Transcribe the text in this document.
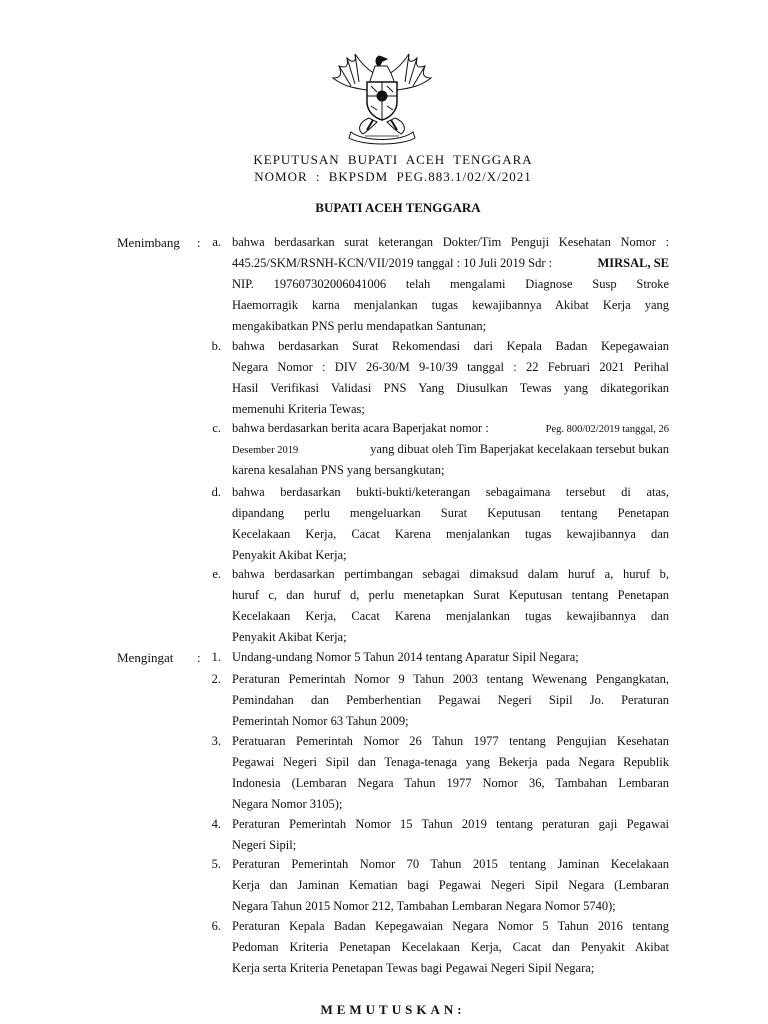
KEPUTUSAN BUPATI ACEH TENGGARA
NOMOR : BKPSDM PEG.883.1/02/X/2021
BUPATI ACEH TENGGARA
Menimbang : a. bahwa berdasarkan surat keterangan Dokter/Tim Penguji Kesehatan Nomor :
445.25/SKM/RSNH-KCN/VII/2019 tanggal : 10 Juli 2019 Sdr :	MIRSAL, SE
NIP. 197607302006041006 telah mengalami Diagnose Susp Stroke
Haemorragik karna menjalankan tugas kewajibannya Akibat Kerja yang
mengakibatkan PNS perlu mendapatkan Santunan;
b. bahwa berdasarkan Surat Rekomendasi dari Kepala Badan Kepegawaian
Negara Nomor : DIV 26-30/M 9-10/39 tanggal : 22 Februari 2021 Perihal
Hasil Verifikasi Validasi PNS Yang Diusulkan Tewas yang dikategorikan
memenuhi Kriteria Tewas;
c. bahwa berdasarkan berita acara Baperjakat nomor :	Peg. 800/02/2019 tanggal, 26
Desember 2019	yang dibuat oleh Tim Baperjakat kecelakaan tersebut bukan
karena kesalahan PNS yang bersangkutan;
d. bahwa berdasarkan bukti-bukti/keterangan sebagaimana tersebut di atas,
dipandang perlu mengeluarkan Surat Keputusan tentang Penetapan
Kecelakaan Kerja, Cacat Karena menjalankan tugas kewajibannya dan
Penyakit Akibat Kerja;
e. bahwa berdasarkan pertimbangan sebagai dimaksud dalam huruf a, huruf b,
huruf c, dan huruf d, perlu menetapkan Surat Keputusan tentang Penetapan
Kecelakaan Kerja, Cacat Karena menjalankan tugas kewajibannya dan
Penyakit Akibat Kerja;
Mengingat : 1. Undang-undang Nomor 5 Tahun 2014 tentang Aparatur Sipil Negara;
2. Peraturan Pemerintah Nomor 9 Tahun 2003 tentang Wewenang Pengangkatan,
Pemindahan dan Pemberhentian Pegawai Negeri Sipil Jo. Peraturan
Pemerintah Nomor 63 Tahun 2009;
3. Peratuaran Pemerintah Nomor 26 Tahun 1977 tentang Pengujian Kesehatan
Pegawai Negeri Sipil dan Tenaga-tenaga yang Bekerja pada Negara Republik
Indonesia (Lembaran Negara Tahun 1977 Nomor 36, Tambahan Lembaran
Negara Nomor 3105);
4. Peraturan Pemerintah Nomor 15 Tahun 2019 tentang peraturan gaji Pegawai
Negeri Sipil;
5. Peraturan Pemerintah Nomor 70 Tahun 2015 tentang Jaminan Kecelakaan
Kerja dan Jaminan Kematian bagi Pegawai Negeri Sipil Negara (Lembaran
Negara Tahun 2015 Nomor 212, Tambahan Lembaran Negara Nomor 5740);
6. Peraturan Kepala Badan Kepegawaian Negara Nomor 5 Tahun 2016 tentang
Pedoman Kriteria Penetapan Kecelakaan Kerja, Cacat dan Penyakit Akibat
Kerja serta Kriteria Penetapan Tewas bagi Pegawai Negeri Sipil Negara;
MEMUTUSKAN:
